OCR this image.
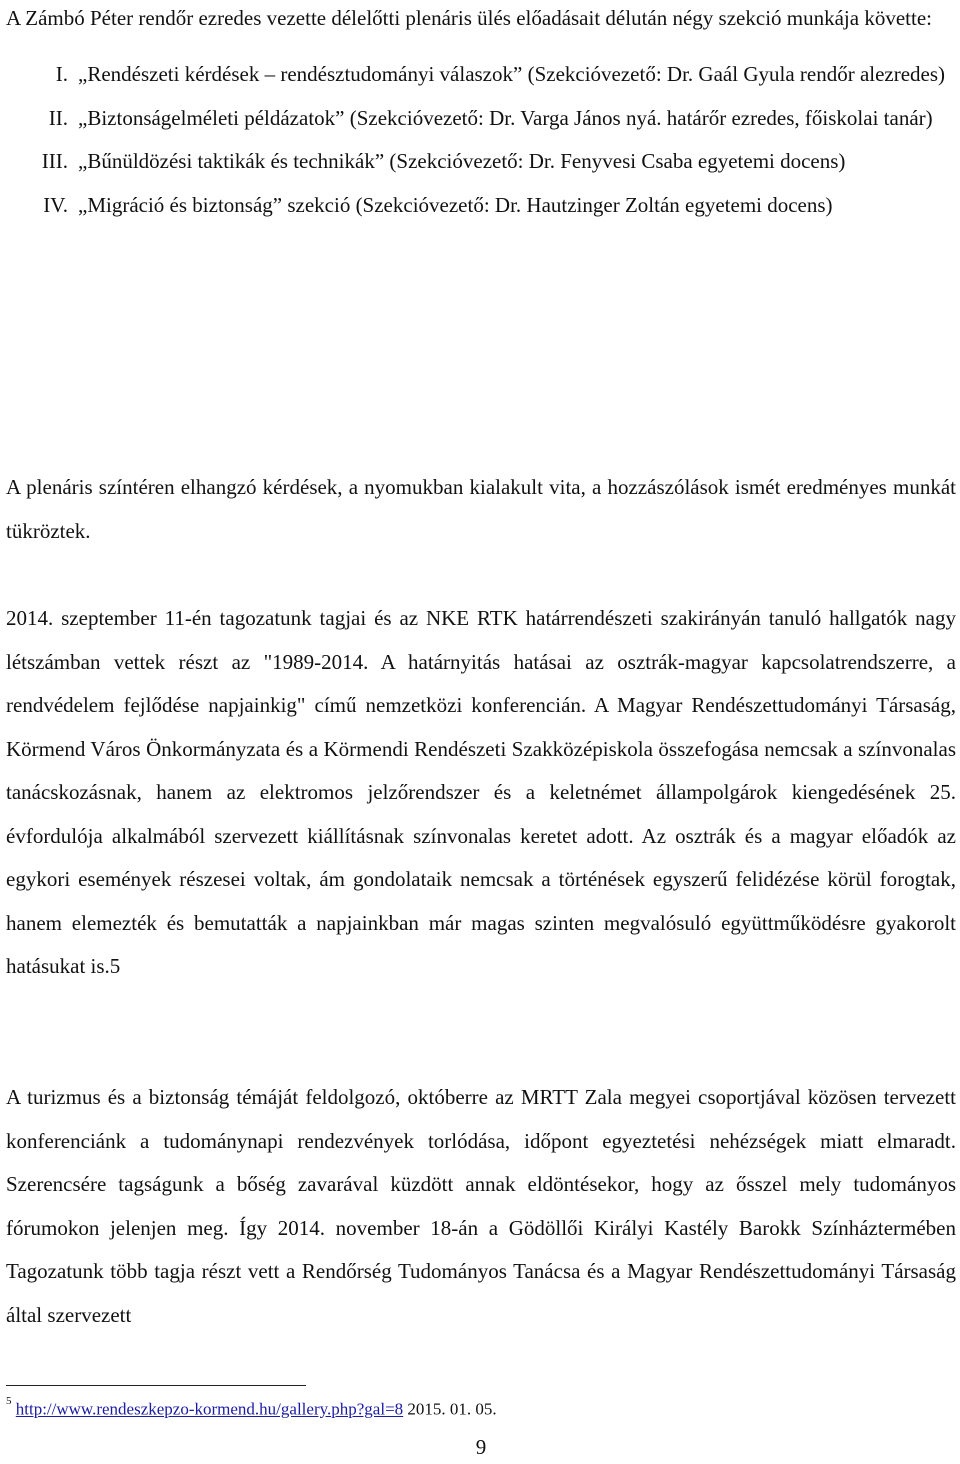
A Zámbó Péter rendőr ezredes vezette délelőtti plenáris ülés előadásait délután négy szekció munkája követte:

I. „Rendészeti kérdések – rendésztudományi válaszok” (Szekcióvezető: Dr. Gaál Gyula rendőr alezredes)

II. „Biztonságelméleti példázatok” (Szekcióvezető: Dr. Varga János nyá. határőr ezredes, főiskolai tanár)

III. „Bűnüldözési taktikák és technikák” (Szekcióvezető: Dr. Fenyvesi Csaba egyetemi docens)

IV. „Migráció és biztonság” szekció (Szekcióvezető: Dr. Hautzinger Zoltán egyetemi docens)

A plenáris színtéren elhangzó kérdések, a nyomukban kialakult vita, a hozzászólások ismét eredményes munkát tükröztek.

2014. szeptember 11-én tagozatunk tagjai és az NKE RTK határrendészeti szakirányán tanuló hallgatók nagy létszámban vettek részt az "1989-2014. A határnyitás hatásai az osztrák-magyar kapcsolatrendszerre, a rendvédelem fejlődése napjainkig" című nemzetközi konferencián. A Magyar Rendészettudományi Társaság, Körmend Város Önkormányzata és a Körmendi Rendészeti Szakközépiskola összefogása nemcsak a színvonalas tanácskozásnak, hanem az elektromos jelzőrendszer és a keletnémet állampolgárok kiengedésének 25. évfordulója alkalmából szervezett kiállításnak színvonalas keretet adott. Az osztrák és a magyar előadók az egykori események részesei voltak, ám gondolataik nemcsak a történések egyszerű felidézése körül forogtak, hanem elemezték és bemutatták a napjainkban már magas szinten megvalósuló együttműködésre gyakorolt hatásukat is.5

A turizmus és a biztonság témáját feldolgozó, októberre az MRTT Zala megyei csoportjával közösen tervezett konferenciánk a tudománynapi rendezvények torlódása, időpont egyeztetési nehézségek miatt elmaradt. Szerencsére tagságunk a bőség zavarával küzdött annak eldöntésekor, hogy az ősszel mely tudományos fórumokon jelenjen meg. Így 2014. november 18-án a Gödöllői Királyi Kastély Barokk Színháztermében Tagozatunk több tagja részt vett a Rendőrség Tudományos Tanácsa és a Magyar Rendészettudományi Társaság által szervezett

$^5$ http://www.rendeszkepzo-kormend.hu/gallery.php?gal=8 2015. 01. 05.
9
